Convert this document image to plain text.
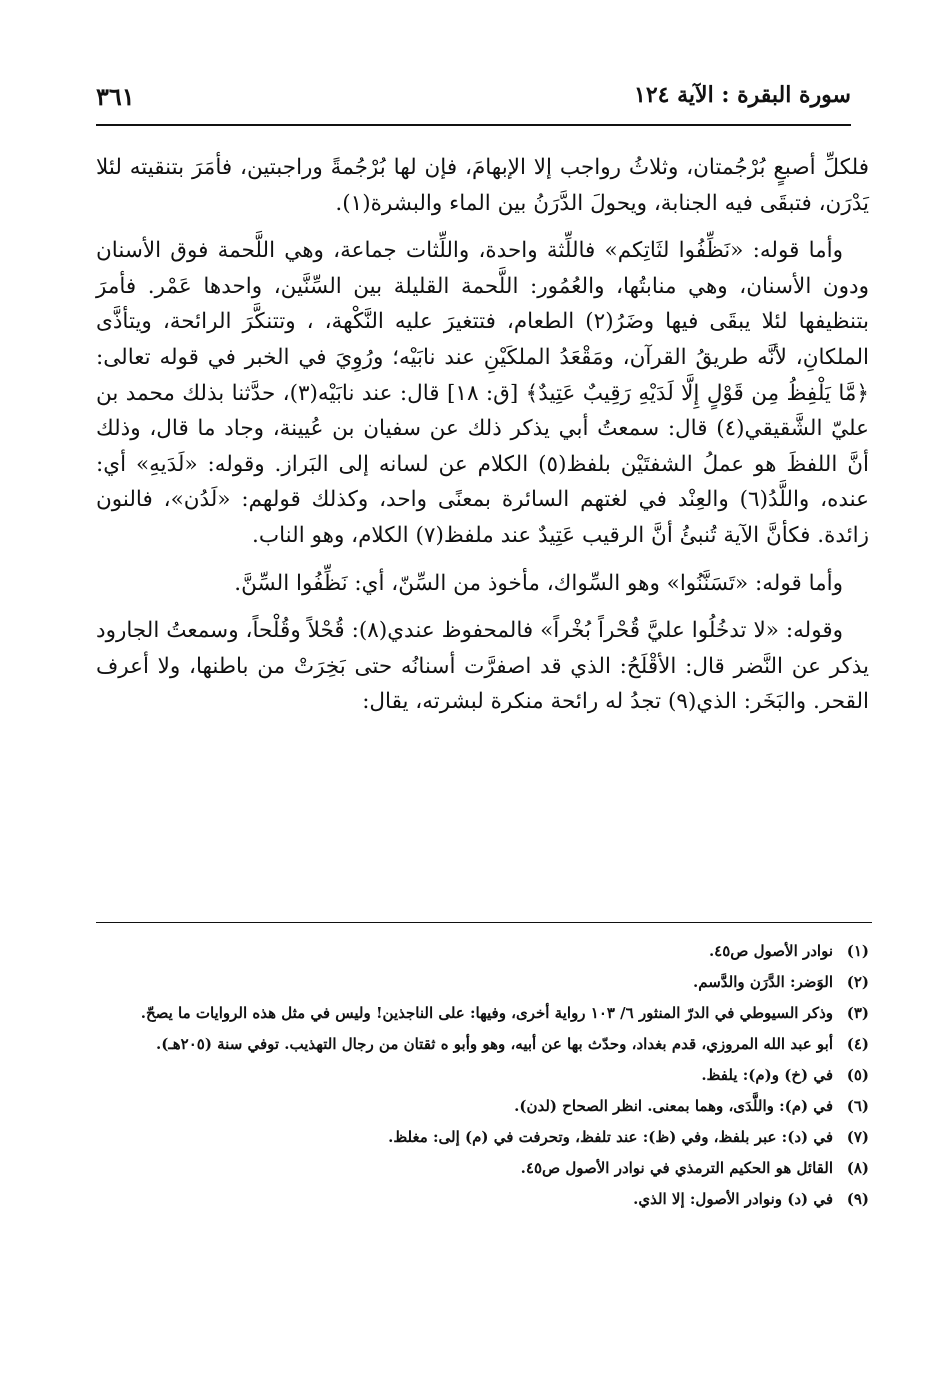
سورة البقرة : الآية ١٢٤
٣٦١

فلكلِّ أصبعٍ بُرْجُمتان، وثلاثُ رواجب إلا الإبهامَ، فإن لها بُرْجُمةً وراجبتين، فأمَرَ بتنقيته لئلا يَدْرَن، فتبقَى فيه الجنابة، ويحولَ الدَّرَنُ بين الماء والبشرة(١).

وأما قوله: «نَظِّفُوا لثَاتِكم» فاللِّثة واحدة، واللِّثات جماعة، وهي اللَّحمة فوق الأسنان ودون الأسنان، وهي منابتُها، والعُمُور: اللَّحمة القليلة بين السِّنَّين، واحدها عَمْر. فأمرَ بتنظيفها لئلا يبقَى فيها وضَرُ(٢) الطعام، فتتغيرَ عليه النَّكْهة، ، وتتنكَّرَ الرائحة، ويتأذَّى الملكانِ، لأنَّه طريقُ القرآن، ومَقْعَدُ الملكَيْنِ عند نابَيْه؛ ورُوِيَ في الخبر في قوله تعالى: ﴿مَّا يَلْفِظُ مِن قَوْلٍ إِلَّا لَدَيْهِ رَقِيبٌ عَتِيدٌ﴾ [ق: ١٨] قال: عند نابَيْه(٣)، حدَّثنا بذلك محمد بن عليّ الشَّقيقي(٤) قال: سمعتُ أبي يذكر ذلك عن سفيان بن عُيينة، وجاد ما قال، وذلك أنَّ اللفظَ هو عملُ الشفتَيْن بلفظ(٥) الكلام عن لسانه إلى البَراز. وقوله: «لَدَيهِ» أي: عنده، واللَّدُ(٦) والعِنْد في لغتهم السائرة بمعنًى واحد، وكذلك قولهم: «لَدُن»، فالنون زائدة. فكأنَّ الآية تُنبئُ أنَّ الرقيب عَتِيدٌ عند ملفظ(٧) الكلام، وهو الناب.

وأما قوله: «تَسَنَّنُوا» وهو السِّواك، مأخوذ من السِّنّ، أي: نَظِّفُوا السِّنَّ.

وقوله: «لا تدخُلُوا عليَّ قُحْراً بُخْراً» فالمحفوظ عندي(٨): قُحْلاً وقُلْحاً، وسمعتُ الجارود يذكر عن النَّضر قال: الأقْلَحُ: الذي قد اصفرَّت أسنانُه حتى بَخِرَتْ من باطنها، ولا أعرف القحر. والبَخَر: الذي(٩) تجدُ له رائحة منكرة لبشرته، يقال:

(١)
نوادر الأصول ص٤٥.
(٢)
الوَضر: الدَّرَن والدَّسم.
(٣)
وذكر السيوطي في الدرّ المنثور ٦/ ١٠٣ رواية أخرى، وفيها: على الناجذين! وليس في مثل هذه الروايات ما يصحّ.
(٤)
أبو عبد الله المروزي، قدم بغداد، وحدّث بها عن أبيه، وهو وأبو ه ثقتان من رجال التهذيب. توفي سنة (٢٠٥هـ).
(٥)
في (خ) و(م): يلفظ.
(٦)
في (م): واللَّدَى، وهما بمعنى. انظر الصحاح (لدن).
(٧)
في (د): عبر بلفظ، وفي (ظ): عند تلفظ، وتحرفت في (م) إلى: مغلظ.
(٨)
القائل هو الحكيم الترمذي في نوادر الأصول ص٤٥.
(٩)
في (د) ونوادر الأصول: إلا الذي.
